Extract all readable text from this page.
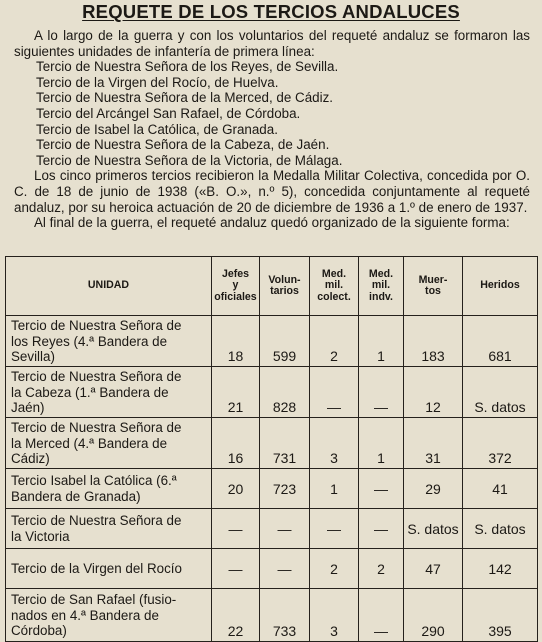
REQUETE DE LOS TERCIOS ANDALUCES

A lo largo de la guerra y con los voluntarios del requeté andaluz se formaron las siguientes unidades de infantería de primera línea:

Tercio de Nuestra Señora de los Reyes, de Sevilla.

Tercio de la Virgen del Rocío, de Huelva.

Tercio de Nuestra Señora de la Merced, de Cádiz.

Tercio del Arcángel San Rafael, de Córdoba.

Tercio de Isabel la Católica, de Granada.

Tercio de Nuestra Señora de la Cabeza, de Jaén.

Tercio de Nuestra Señora de la Victoria, de Málaga.

Los cinco primeros tercios recibieron la Medalla Militar Colectiva, concedida por O. C. de 18 de junio de 1938 («B. O.», n.º 5), concedida conjuntamente al requeté andaluz, por su heroica actuación de 20 de diciembre de 1936 a 1.º de enero de 1937.

Al final de la guerra, el requeté andaluz quedó organizado de la siguiente forma:

UNIDAD	Jefes
y
oficiales	Volun-
tarios	Med.
mil.
colect.	Med.
mil.
indv.	Muer-
tos	Heridos
Tercio de Nuestra Señora de
los Reyes (4.ª Bandera de
Sevilla)	18	599	2	1	183	681
Tercio de Nuestra Señora de
la Cabeza (1.ª Bandera de
Jaén)	21	828	—	—	12	S. datos
Tercio de Nuestra Señora de
la Merced (4.ª Bandera de
Cádiz)	16	731	3	1	31	372
Tercio Isabel la Católica (6.ª
Bandera de Granada)	20	723	1	—	29	41
Tercio de Nuestra Señora de
la Victoria	—	—	—	—	S. datos	S. datos
Tercio de la Virgen del Rocío	—	—	2	2	47	142
Tercio de San Rafael (fusio-
nados en 4.ª Bandera de
Córdoba)	22	733	3	—	290	395
